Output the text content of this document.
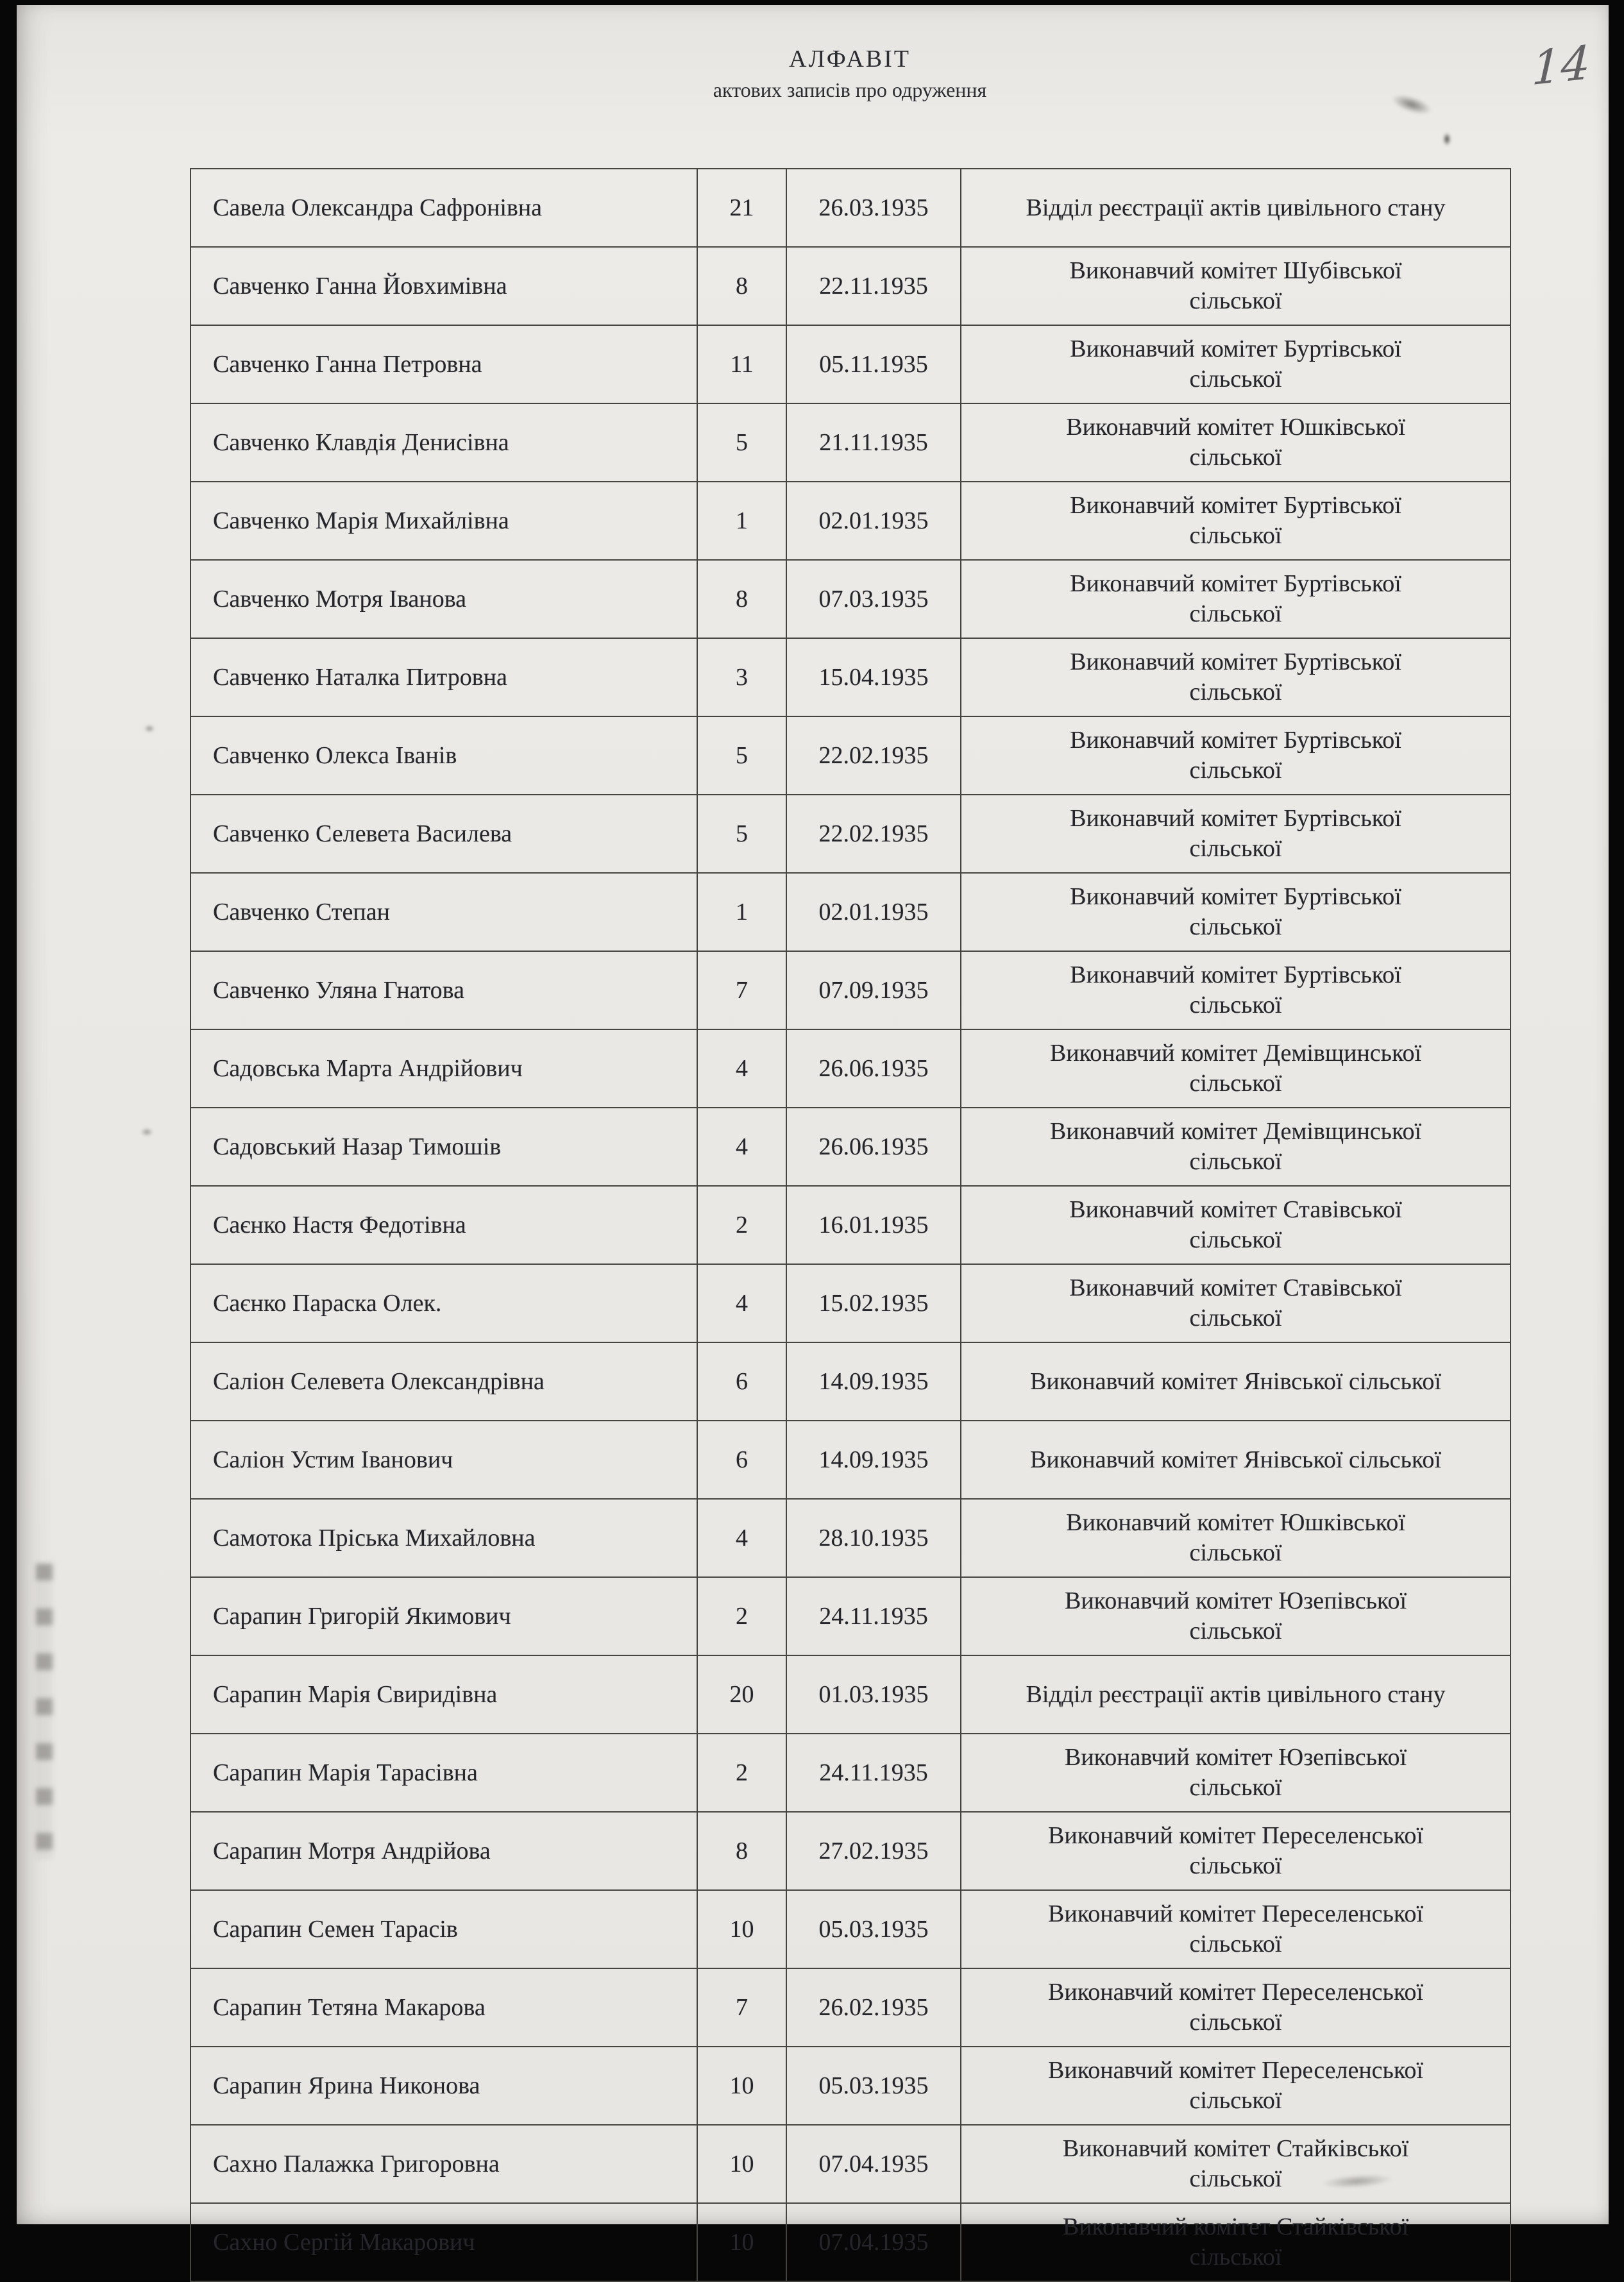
АЛФАВІТ
актових записів про одруження	14
Савела Олександра Сафронівна	21	26.03.1935	Відділ реєстрації актів цивільного стану

Савченко Ганна Йовхимівна	8	22.11.1935	Виконавчий комітет Шубівської
сільської

Савченко Ганна Петровна	11	05.11.1935	Виконавчий комітет Буртівської
сільської

Савченко Клавдія Денисівна	5	21.11.1935	Виконавчий комітет Юшківської
сільської

Савченко Марія Михайлівна	1	02.01.1935	Виконавчий комітет Буртівської
сільської

Савченко Мотря Іванова	8	07.03.1935	Виконавчий комітет Буртівської
сільської

Савченко Наталка Питровна	3	15.04.1935	Виконавчий комітет Буртівської
сільської

Савченко Олекса Іванів	5	22.02.1935	Виконавчий комітет Буртівської
сільської

Савченко Селевета Василева	5	22.02.1935	Виконавчий комітет Буртівської
сільської

Савченко Степан	1	02.01.1935	Виконавчий комітет Буртівської
сільської

Савченко Уляна Гнатова	7	07.09.1935	Виконавчий комітет Буртівської
сільської

Садовська Марта Андрійович	4	26.06.1935	Виконавчий комітет Демівщинської
сільської

Садовський Назар Тимошів	4	26.06.1935	Виконавчий комітет Демівщинської
сільської

Саєнко Настя Федотівна	2	16.01.1935	Виконавчий комітет Ставівської
сільської

Саєнко Параска Олек.	4	15.02.1935	Виконавчий комітет Ставівської
сільської

Саліон Селевета Олександрівна	6	14.09.1935	Виконавчий комітет Янівської сільської

Саліон Устим Іванович	6	14.09.1935	Виконавчий комітет Янівської сільської

Самотока Пріська Михайловна	4	28.10.1935	Виконавчий комітет Юшківської
сільської

Сарапин Григорій Якимович	2	24.11.1935	Виконавчий комітет Юзепівської
сільської

Сарапин Марія Свиридівна	20	01.03.1935	Відділ реєстрації актів цивільного стану

Сарапин Марія Тарасівна	2	24.11.1935	Виконавчий комітет Юзепівської
сільської

Сарапин Мотря Андрійова	8	27.02.1935	Виконавчий комітет Переселенської
сільської

Сарапин Семен Тарасів	10	05.03.1935	Виконавчий комітет Переселенської
сільської

Сарапин Тетяна Макарова	7	26.02.1935	Виконавчий комітет Переселенської
сільської

Сарапин Ярина Никонова	10	05.03.1935	Виконавчий комітет Переселенської
сільської

Сахно Палажка Григоровна	10	07.04.1935	Виконавчий комітет Стайківської
сільської

Сахно Сергій Макарович	10	07.04.1935	Виконавчий комітет Стайківської
сільської
